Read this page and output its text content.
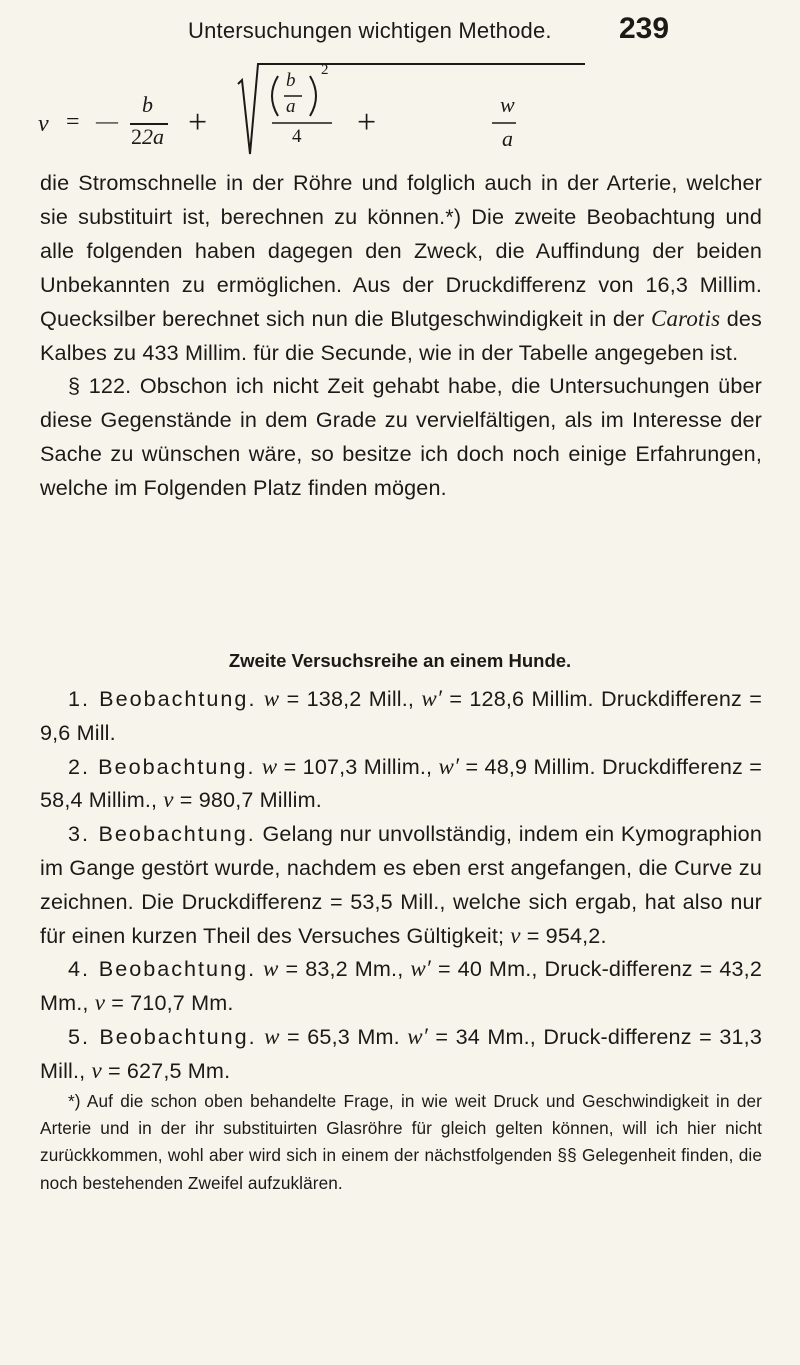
Untersuchungen wichtigen Methode. 239
v = —
b
22a +
b
a
2
4 +	w
a

die Stromschnelle in der Röhre und folglich auch in der Arterie, welcher sie substituirt ist, berechnen zu können.*) Die zweite Beobachtung und alle folgenden haben dagegen den Zweck, die Auffindung der beiden Unbekannten zu ermöglichen. Aus der Druckdifferenz von 16,3 Millim. Quecksilber berechnet sich nun die Blutgeschwindigkeit in der Carotis des Kalbes zu 433 Millim. für die Secunde, wie in der Tabelle angegeben ist.

§ 122. Obschon ich nicht Zeit gehabt habe, die Untersuchungen über diese Gegenstände in dem Grade zu vervielfältigen, als im Interesse der Sache zu wünschen wäre, so besitze ich doch noch einige Erfahrungen, welche im Folgenden Platz finden mögen.

Zweite Versuchsreihe an einem Hunde.

1. Beobachtung. w = 138,2 Mill., w′ = 128,6 Millim. Druckdifferenz = 9,6 Mill.

2. Beobachtung. w = 107,3 Millim., w′ = 48,9 Millim. Druckdifferenz = 58,4 Millim., v = 980,7 Millim.

3. Beobachtung. Gelang nur unvollständig, indem ein Kymographion im Gange gestört wurde, nachdem es eben erst angefangen, die Curve zu zeichnen. Die Druckdifferenz = 53,5 Mill., welche sich ergab, hat also nur für einen kurzen Theil des Versuches Gültigkeit; v = 954,2.

4. Beobachtung. w = 83,2 Mm., w′ = 40 Mm., Druck-differenz = 43,2 Mm., v = 710,7 Mm.

5. Beobachtung. w = 65,3 Mm. w′ = 34 Mm., Druck-differenz = 31,3 Mill., v = 627,5 Mm.

*) Auf die schon oben behandelte Frage, in wie weit Druck und Geschwindigkeit in der Arterie und in der ihr substituirten Glasröhre für gleich gelten können, will ich hier nicht zurückkommen, wohl aber wird sich in einem der nächstfolgenden §§ Gelegenheit finden, die noch bestehenden Zweifel aufzuklären.
